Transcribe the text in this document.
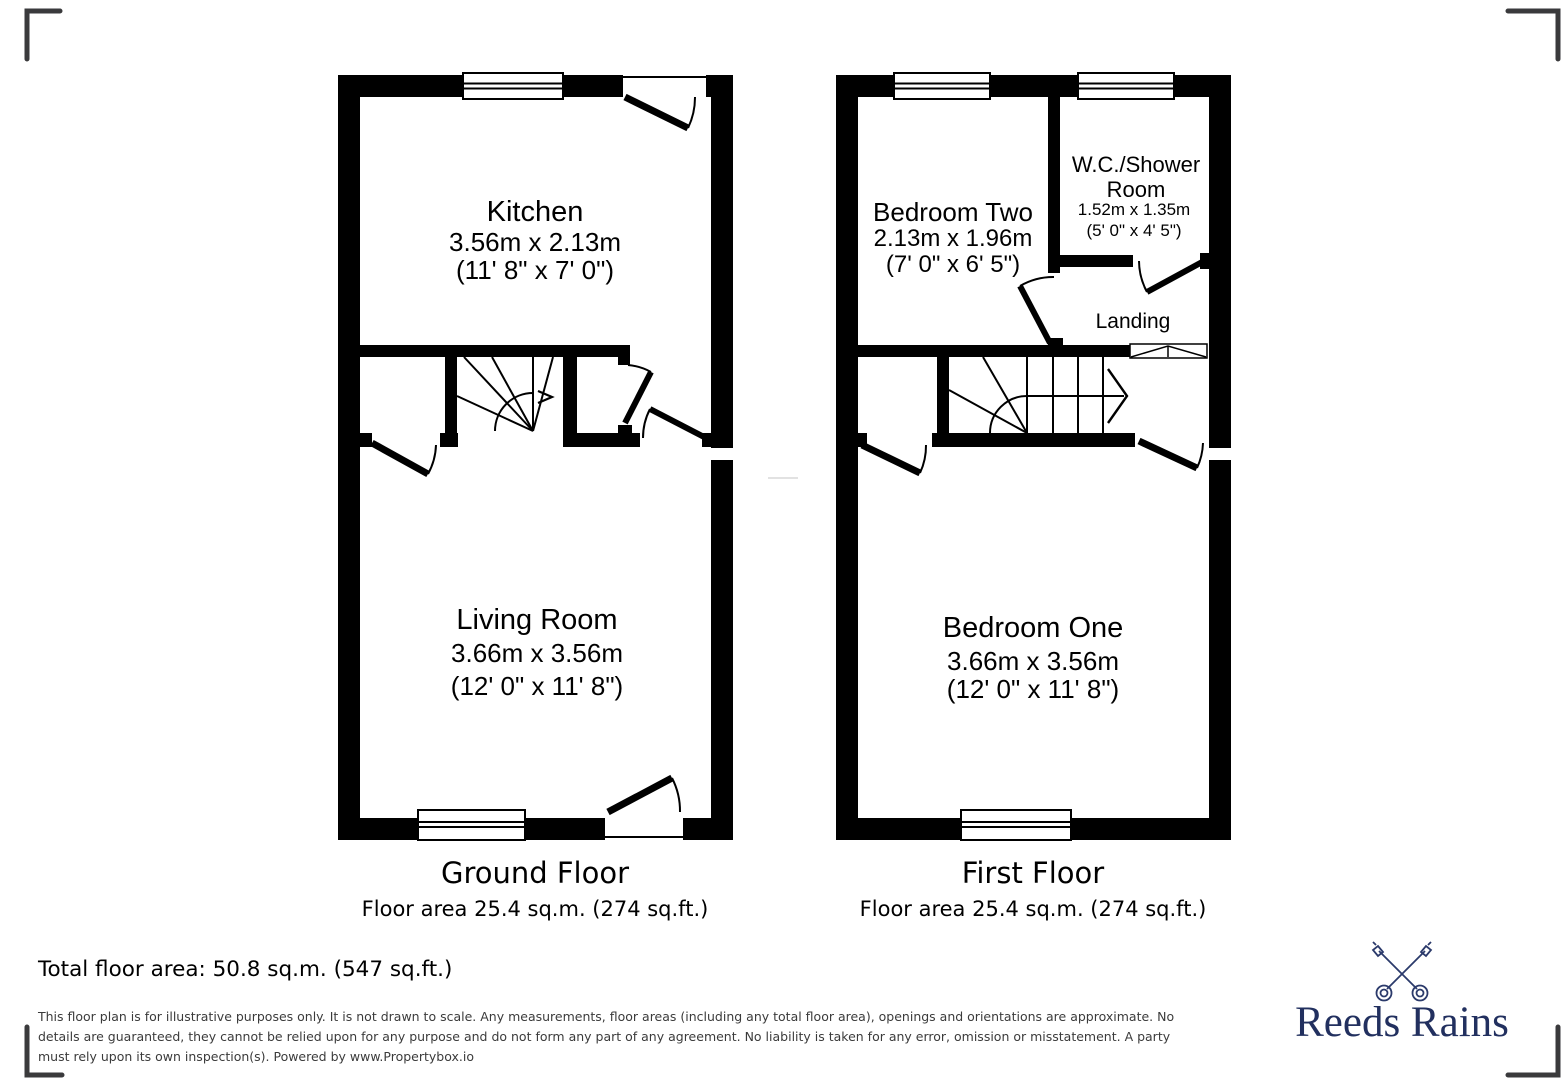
Kitchen
3.56m x 2.13m
(11' 8" x 7' 0")
Living Room
3.66m x 3.56m
(12' 0" x 11' 8")
Bedroom Two
2.13m x 1.96m
(7' 0" x 6' 5")
W.C./Shower Room
1.52m x 1.35m
(5' 0" x 4' 5")
Landing
Bedroom One
3.66m x 3.56m
(12' 0" x 11' 8")
Ground Floor
Floor area 25.4 sq.m. (274 sq.ft.)
First Floor
Floor area 25.4 sq.m. (274 sq.ft.)
Total floor area: 50.8 sq.m. (547 sq.ft.)
This floor plan is for illustrative purposes only. It is not drawn to scale. Any measurements, floor areas (including any total floor area), openings and orientations are approximate. No
details are guaranteed, they cannot be relied upon for any purpose and do not form any part of any agreement. No liability is taken for any error, omission or misstatement. A party
must rely upon its own inspection(s). Powered by www.Propertybox.io
Reeds Rains
